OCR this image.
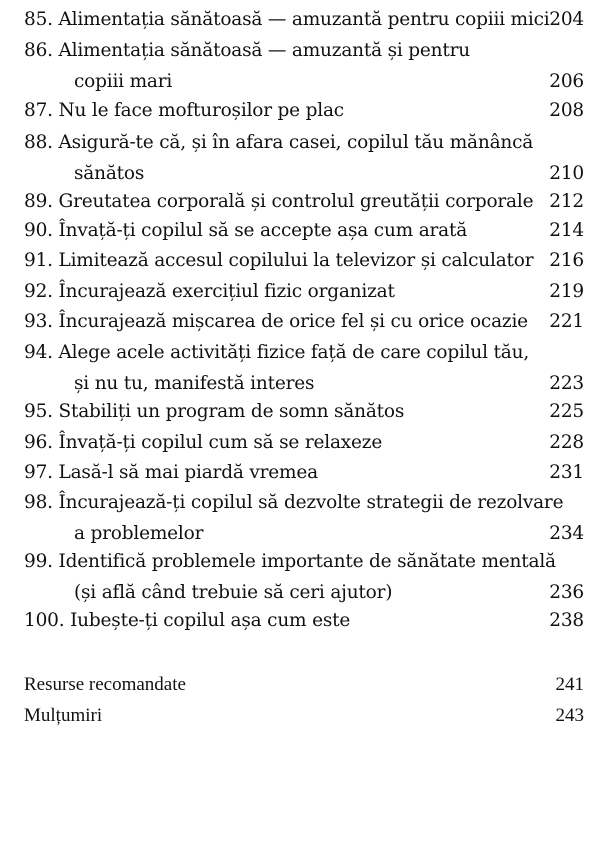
85. Alimentația sănătoasă — amuzantă pentru copiii mici 204
86. Alimentația sănătoasă — amuzantă și pentru
copiii mari	206
87. Nu le face mofturoșilor pe plac	208
88. Asigură-te că, și în afara casei, copilul tău mănâncă
sănătos	210
89. Greutatea corporală și controlul greutății corporale 212
90. Învață-ți copilul să se accepte așa cum arată	214
91. Limitează accesul copilului la televizor și calculator 216
92. Încurajează exercițiul fizic organizat	219
93. Încurajează mișcarea de orice fel și cu orice ocazie	221
94. Alege acele activități fizice față de care copilul tău,
și nu tu, manifestă interes	223
95. Stabiliți un program de somn sănătos	225
96. Învață-ți copilul cum să se relaxeze	228
97. Lasă-l să mai piardă vremea	231
98. Încurajează-ți copilul să dezvolte strategii de rezolvare
a problemelor	234
99. Identifică problemele importante de sănătate mentală
(și află când trebuie să ceri ajutor)	236
100. Iubește-ți copilul așa cum este	238
Resurse recomandate	241
Mulțumiri	243
